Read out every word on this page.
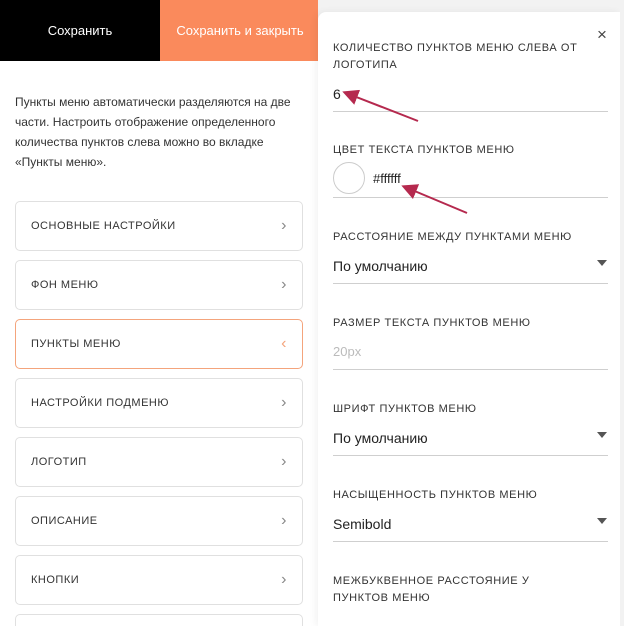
Сохранить	Сохранить и закрыть
Пункты меню автоматически разделяются на две части. Настроить отображение определенного количества пунктов слева можно во вкладке «Пункты меню».
ОСНОВНЫЕ НАСТРОЙКИ	›
ФОН МЕНЮ	›
ПУНКТЫ МЕНЮ	‹
НАСТРОЙКИ ПОДМЕНЮ	›
ЛОГОТИП	›
ОПИСАНИЕ	›
КНОПКИ	›
×
КОЛИЧЕСТВО ПУНКТОВ МЕНЮ СЛЕВА ОТ ЛОГОТИПА
6
ЦВЕТ ТЕКСТА ПУНКТОВ МЕНЮ
#ffffff
РАССТОЯНИЕ МЕЖДУ ПУНКТАМИ МЕНЮ
По умолчанию
РАЗМЕР ТЕКСТА ПУНКТОВ МЕНЮ
20px
ШРИФТ ПУНКТОВ МЕНЮ
По умолчанию
НАСЫЩЕННОСТЬ ПУНКТОВ МЕНЮ
Semibold
МЕЖБУКВЕННОЕ РАССТОЯНИЕ У ПУНКТОВ МЕНЮ
